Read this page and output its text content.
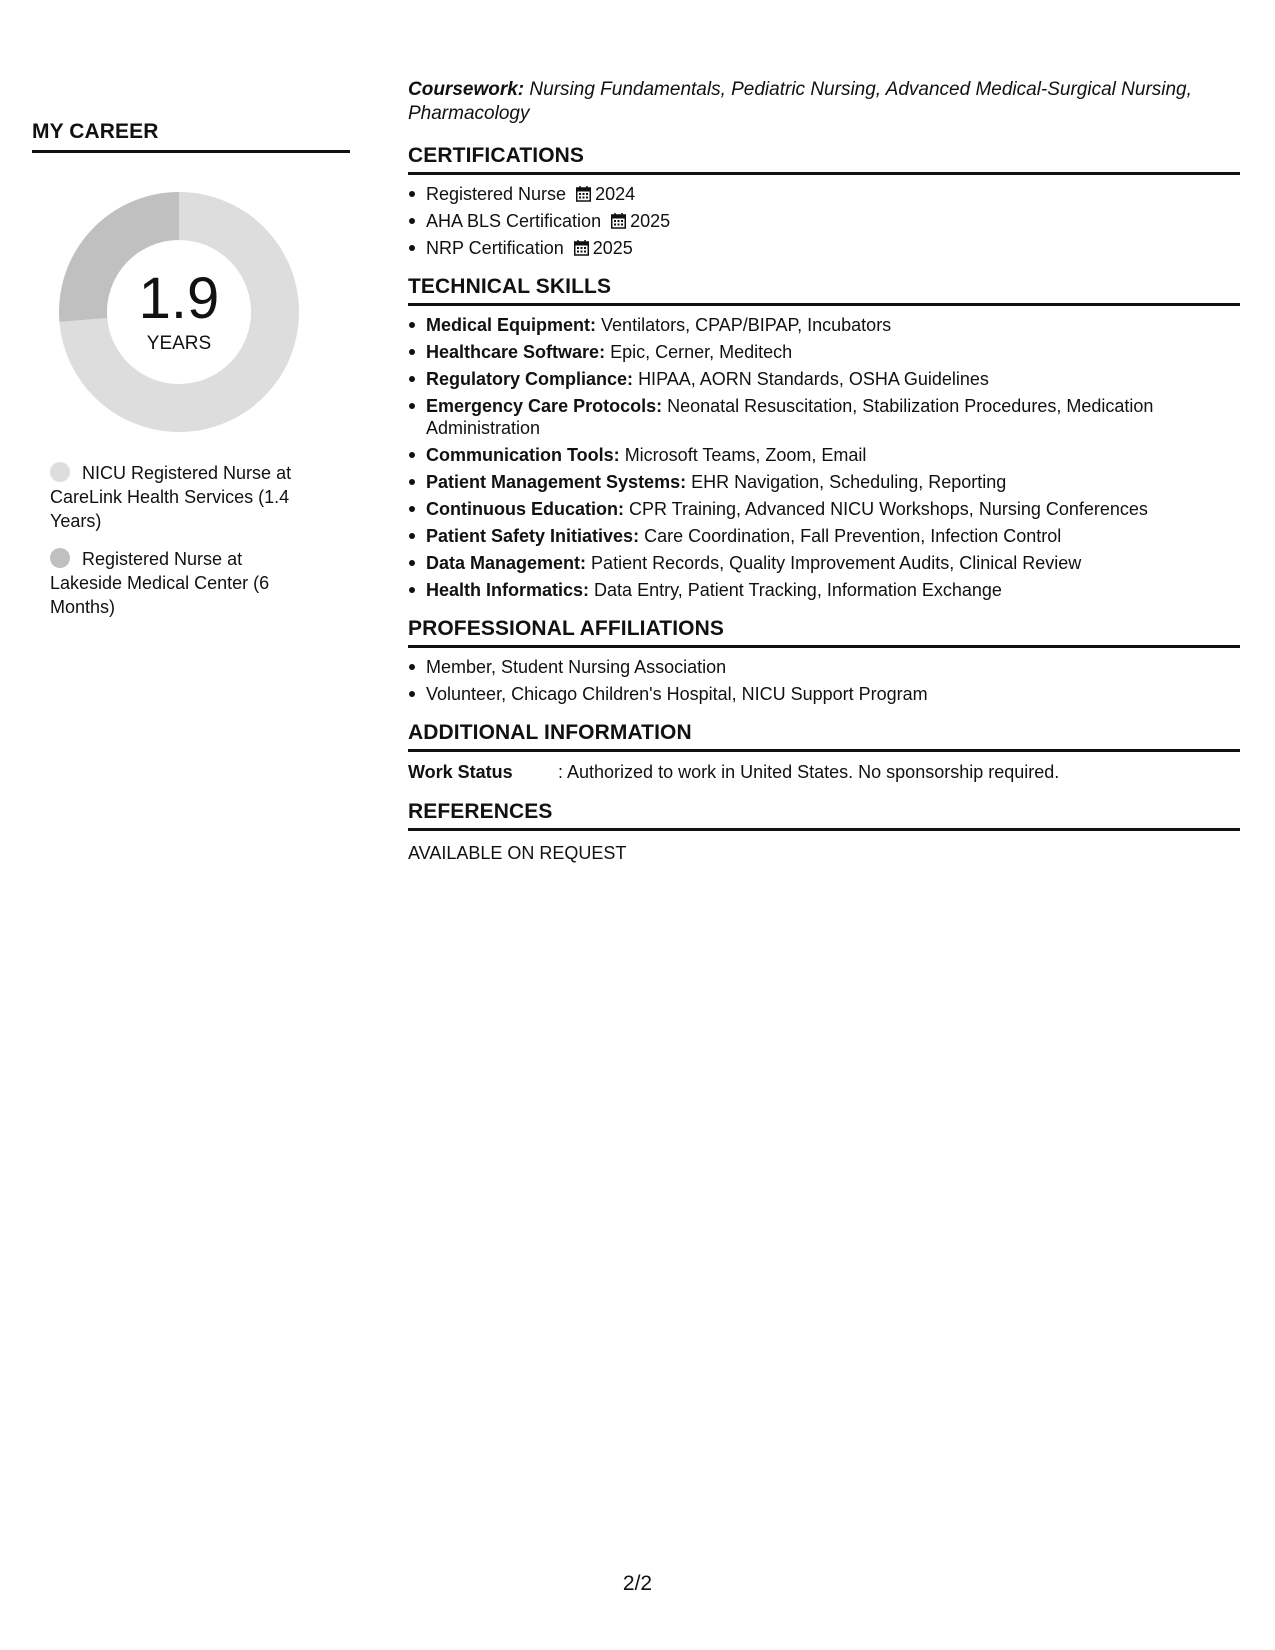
MY CAREER
1.9
YEARS
NICU Registered Nurse at CareLink Health Services (1.4 Years)
Registered Nurse at Lakeside Medical Center (6 Months)

Coursework: Nursing Fundamentals, Pediatric Nursing, Advanced Medical-Surgical Nursing, Pharmacology

CERTIFICATIONS
Registered Nurse 2024
AHA BLS Certification 2025
NRP Certification 2025
TECHNICAL SKILLS
Medical Equipment: Ventilators, CPAP/BIPAP, Incubators
Healthcare Software: Epic, Cerner, Meditech
Regulatory Compliance: HIPAA, AORN Standards, OSHA Guidelines
Emergency Care Protocols: Neonatal Resuscitation, Stabilization Procedures, Medication Administration
Communication Tools: Microsoft Teams, Zoom, Email
Patient Management Systems: EHR Navigation, Scheduling, Reporting
Continuous Education: CPR Training, Advanced NICU Workshops, Nursing Conferences
Patient Safety Initiatives: Care Coordination, Fall Prevention, Infection Control
Data Management: Patient Records, Quality Improvement Audits, Clinical Review
Health Informatics: Data Entry, Patient Tracking, Information Exchange
PROFESSIONAL AFFILIATIONS
Member, Student Nursing Association
Volunteer, Chicago Children's Hospital, NICU Support Program
ADDITIONAL INFORMATION
Work Status	: Authorized to work in United States. No sponsorship required.
REFERENCES
AVAILABLE ON REQUEST
2/2
